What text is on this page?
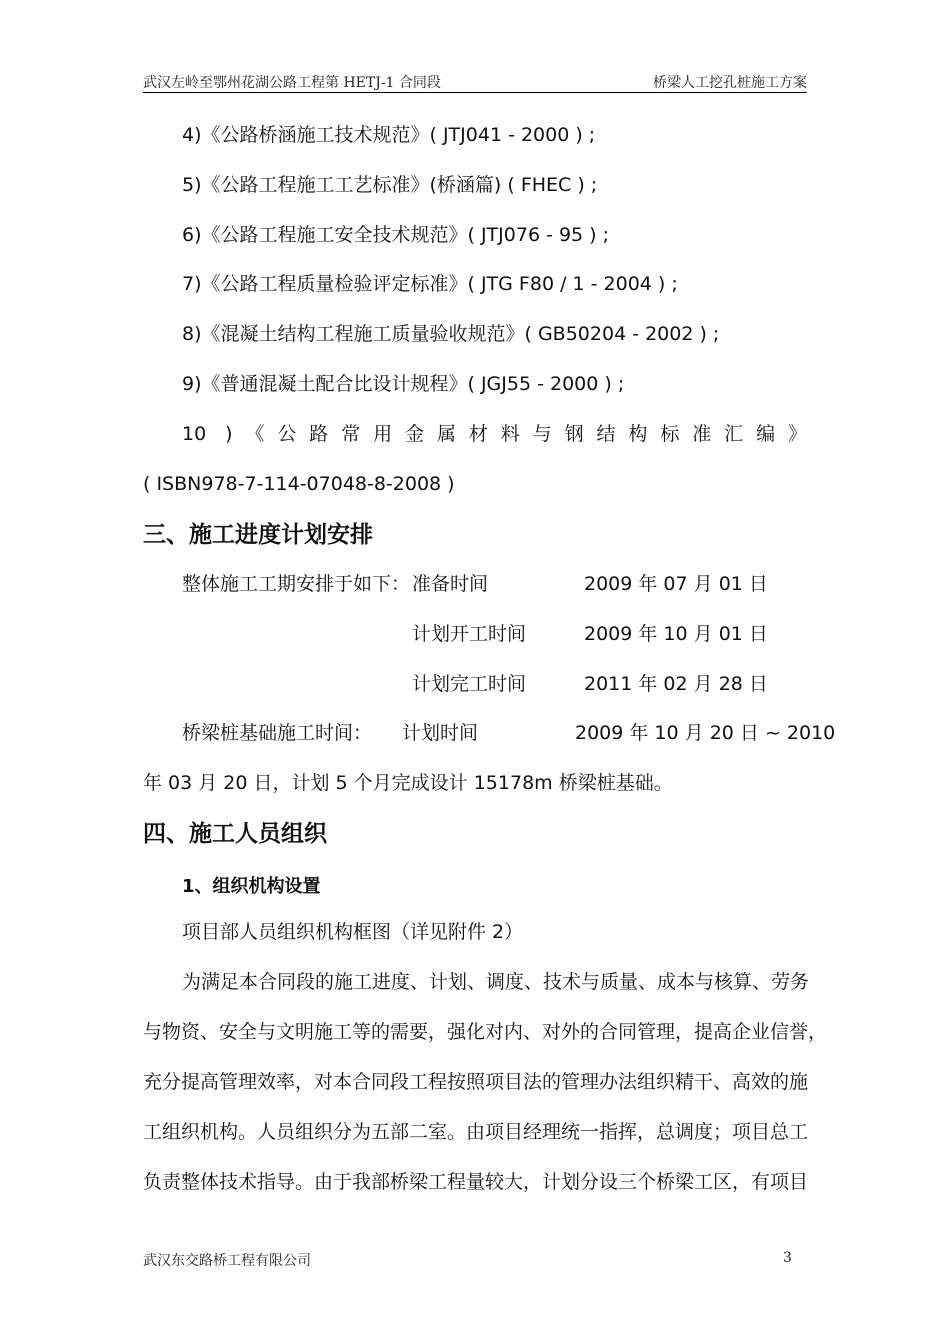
武汉左岭至鄂州花湖公路工程第 HETJ-1 合同段	桥梁人工挖孔桩施工方案
4)《公路桥涵施工技术规范》( JTJ041 - 2000 ) ;
5)《公路工程施工工艺标准》(桥涵篇) ( FHEC ) ;
6)《公路工程施工安全技术规范》( JTJ076 - 95 ) ;
7)《公路工程质量检验评定标准》( JTG F80 / 1 - 2004 ) ;
8)《混凝土结构工程施工质量验收规范》( GB50204 - 2002 ) ;
9)《普通混凝土配合比设计规程》( JGJ55 - 2000 ) ;
10 )《公路常用金属材料与钢结构标准汇编》
( ISBN978-7-114-07048-8-2008 )
三、施工进度计划安排
整体施工工期安排于如下： 准备时间	2009 年 07 月 01 日
计划开工时间	2009 年 10 月 01 日
计划完工时间	2011 年 02 月 28 日
桥梁桩基础施工时间： 计划时间	2009 年 10 月 20 日 ~ 2010
年 03 月 20 日，计划 5 个月完成设计 15178m 桥梁桩基础。
四、施工人员组织
1、组织机构设置
项目部人员组织机构框图（详见附件 2）
为满足本合同段的施工进度、计划、调度、技术与质量、成本与核算、劳务
与物资、安全与文明施工等的需要，强化对内、对外的合同管理，提高企业信誉，
充分提高管理效率，对本合同段工程按照项目法的管理办法组织精干、高效的施
工组织机构。人员组织分为五部二室。由项目经理统一指挥，总调度；项目总工
负责整体技术指导。由于我部桥梁工程量较大，计划分设三个桥梁工区，有项目
武汉东交路桥工程有限公司	3
